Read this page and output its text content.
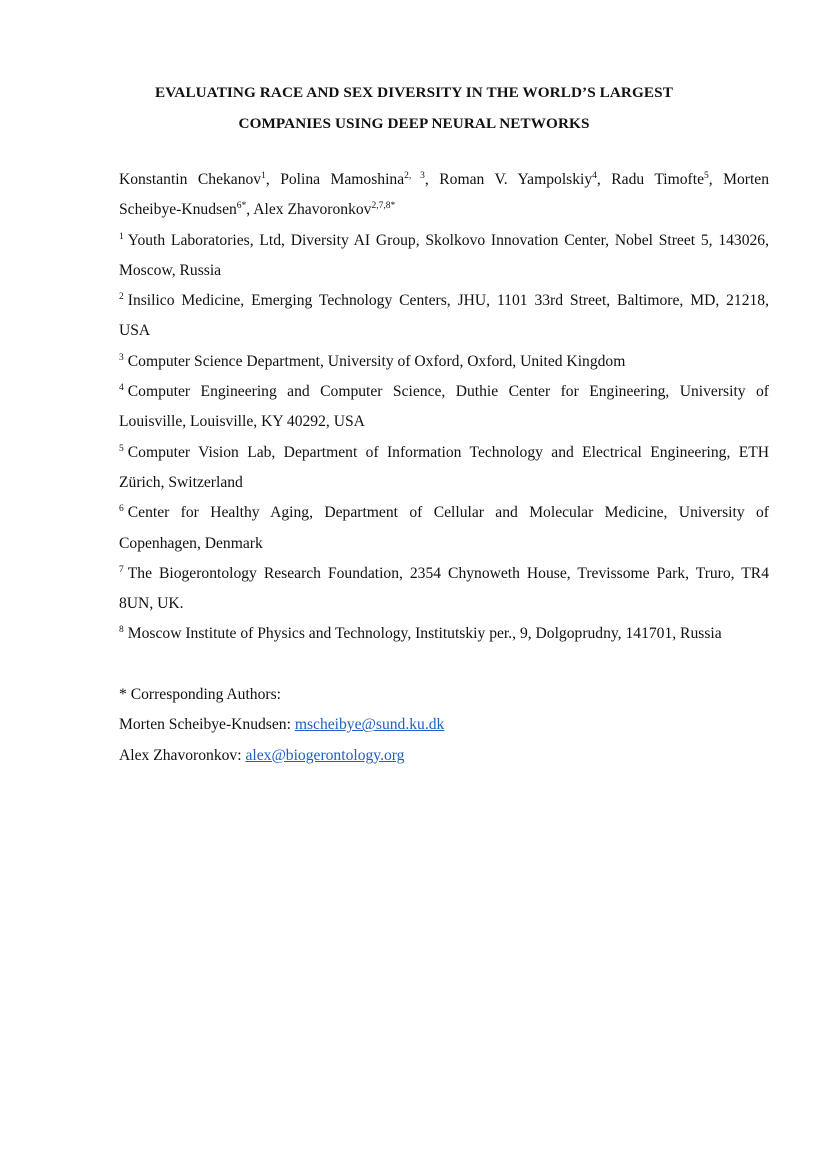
EVALUATING RACE AND SEX DIVERSITY IN THE WORLD’S LARGEST
COMPANIES USING DEEP NEURAL NETWORKS

Konstantin Chekanov$^1$, Polina Mamoshina$^{2, 3}$, Roman V. Yampolskiy$^4$, Radu Timofte$^5$, Morten Scheibye-Knudsen$^{6*}$, Alex Zhavoronkov$^{2,7,8*}$

$^1$ Youth Laboratories, Ltd, Diversity AI Group, Skolkovo Innovation Center, Nobel Street 5, 143026, Moscow, Russia

$^2$ Insilico Medicine, Emerging Technology Centers, JHU, 1101 33rd Street, Baltimore, MD, 21218, USA

$^3$ Computer Science Department, University of Oxford, Oxford, United Kingdom

$^4$ Computer Engineering and Computer Science, Duthie Center for Engineering, University of Louisville, Louisville, KY 40292, USA

$^5$ Computer Vision Lab, Department of Information Technology and Electrical Engineering, ETH Zürich, Switzerland

$^6$ Center for Healthy Aging, Department of Cellular and Molecular Medicine, University of Copenhagen, Denmark

$^7$ The Biogerontology Research Foundation, 2354 Chynoweth House, Trevissome Park, Truro, TR4 8UN, UK.

$^8$ Moscow Institute of Physics and Technology, Institutskiy per., 9, Dolgoprudny, 141701, Russia

* Corresponding Authors:
Morten Scheibye-Knudsen: mscheibye@sund.ku.dk
Alex Zhavoronkov: alex@biogerontology.org
